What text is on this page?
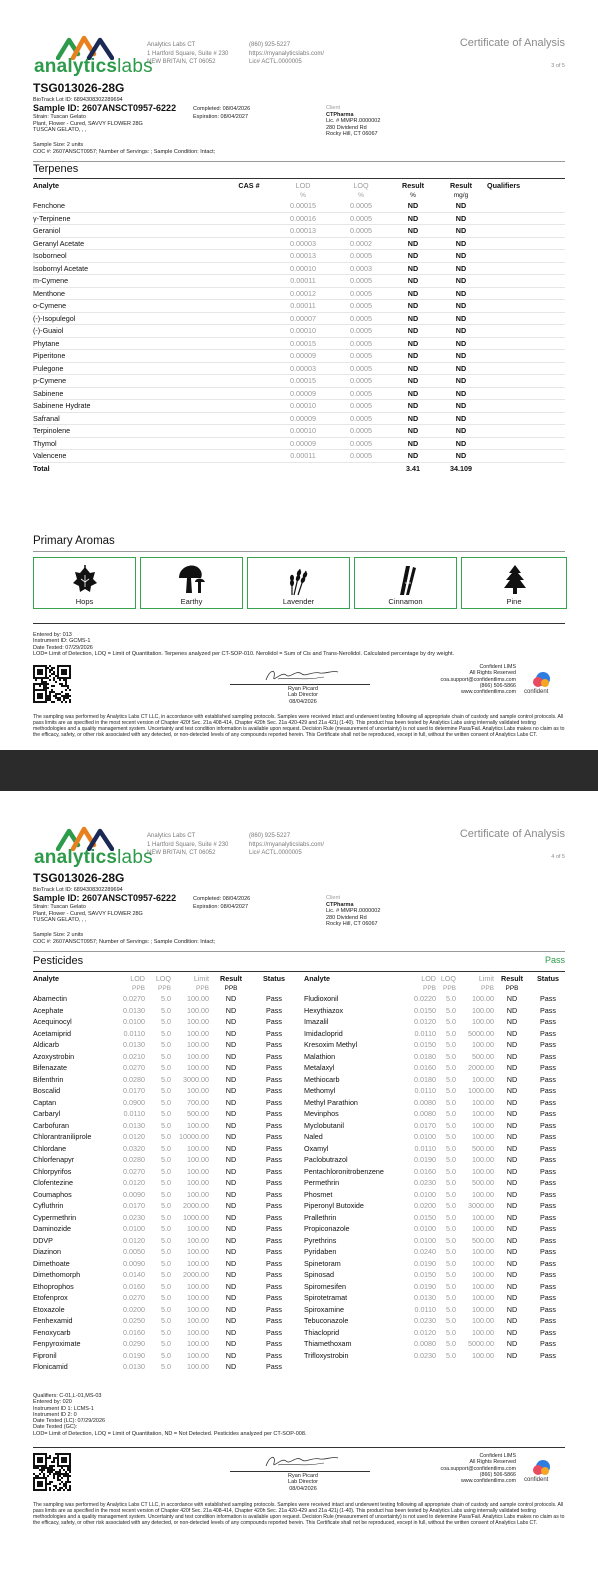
analyticslabs
Analytics Labs CT
1 Hartford Square, Suite # 230
NEW BRITAIN, CT 06052
(860) 925-5227
https://myanalyticslabs.com/
Lic# ACTL.0000005
Certificate of Analysis
3 of 5
TSG013026-28G
BioTrack Lot ID: 6894308302289694
Sample ID: 2607ANSCT0957-6222
Strain: Tuscan Gelato
Plant, Flower - Cured, SAVVY FLOWER 28G
TUSCAN GELATO, , ,
Completed: 08/04/2026
Expiration: 08/04/2027
Client
CTPharma
Lic. # MMPR.0000002
280 Dividend Rd
Rocky Hill, CT 06067
Sample Size: 2 units
COC #: 2607ANSCT0957; Number of Servings: ; Sample Condition: Intact;
Terpenes
Analyte	CAS #	LOD	LOQ	Result	Result	Qualifiers
		%	%	%	mg/g	
Fenchone		0.00015	0.0005	ND	ND	
γ-Terpinene		0.00016	0.0005	ND	ND	
Geraniol		0.00013	0.0005	ND	ND	
Geranyl Acetate		0.00003	0.0002	ND	ND	
Isoborneol		0.00013	0.0005	ND	ND	
Isobornyl Acetate		0.00010	0.0003	ND	ND	
m-Cymene		0.00011	0.0005	ND	ND	
Menthone		0.00012	0.0005	ND	ND	
o-Cymene		0.00011	0.0005	ND	ND	
(-)-Isopulegol		0.00007	0.0005	ND	ND	
(-)-Guaiol		0.00010	0.0005	ND	ND	
Phytane		0.00015	0.0005	ND	ND	
Piperitone		0.00009	0.0005	ND	ND	
Pulegone		0.00003	0.0005	ND	ND	
p-Cymene		0.00015	0.0005	ND	ND	
Sabinene		0.00009	0.0005	ND	ND	
Sabinene Hydrate		0.00010	0.0005	ND	ND	
Safranal		0.00009	0.0005	ND	ND	
Terpinolene		0.00010	0.0005	ND	ND	
Thymol		0.00009	0.0005	ND	ND	
Valencene		0.00011	0.0005	ND	ND	
Total				3.41	34.109	
Primary Aromas
Hops	Earthy	Lavender	Cinnamon	Pine
Entered by: 013
Instrument ID: GCMS-1
Date Tested: 07/29/2026
LOD= Limit of Detection, LOQ = Limit of Quantitation. Terpenes analyzed per CT-SOP-010. Nerolidol = Sum of Cis and Trans-Nerolidol. Calculated percentage by dry weight.
Ryan Picard
Lab Director
08/04/2026
Confident LIMS
All Rights Reserved
coa.support@confidentlims.com
(866) 506-5866
www.confidentlims.com confident
The sampling was performed by Analytics Labs CT LLC, in accordance with established sampling protocols. Samples were received intact and underwent testing following all appropriate chain of custody and sample control protocols. All pass limits are as specified in the most recent version of Chapter 420f Sec. 21a 408-414, Chapter 420h Sec. 21a 420-429 and 21a 421j (1-40). This product has been tested by Analytics Labs using internally validated testing methodologies and a quality management system. Uncertainty and test condition information is available upon request. Decision Rule (measurement of uncertainty) is not used to determine Pass/Fail. Analytics Labs makes no claim as to the efficacy, safety, or other risk associated with any detected, or non-detected levels of any compounds reported herein. This Certificate shall not be reproduced, except in full, without the written consent of Analytics Labs CT.
analyticslabs
Analytics Labs CT
1 Hartford Square, Suite # 230
NEW BRITAIN, CT 06052
(860) 925-5227
https://myanalyticslabs.com/
Lic# ACTL.0000005
Certificate of Analysis
4 of 5
TSG013026-28G
BioTrack Lot ID: 6894308302289694
Sample ID: 2607ANSCT0957-6222
Strain: Tuscan Gelato
Plant, Flower - Cured, SAVVY FLOWER 28G
TUSCAN GELATO, , ,
Completed: 08/04/2026
Expiration: 08/04/2027
Client
CTPharma
Lic. # MMPR.0000002
280 Dividend Rd
Rocky Hill, CT 06067
Sample Size: 2 units
COC #: 2607ANSCT0957; Number of Servings: ; Sample Condition: Intact;
Pesticides	Pass
Analyte	LOD	LOQ	Limit	Result	Status
	PPB	PPB	PPB	PPB	
Abamectin	0.0270	5.0	100.00	ND	Pass
Acephate	0.0130	5.0	100.00	ND	Pass
Acequinocyl	0.0100	5.0	100.00	ND	Pass
Acetamiprid	0.0110	5.0	100.00	ND	Pass
Aldicarb	0.0130	5.0	100.00	ND	Pass
Azoxystrobin	0.0210	5.0	100.00	ND	Pass
Bifenazate	0.0270	5.0	100.00	ND	Pass
Bifenthrin	0.0280	5.0	3000.00	ND	Pass
Boscalid	0.0170	5.0	100.00	ND	Pass
Captan	0.0900	5.0	700.00	ND	Pass
Carbaryl	0.0110	5.0	500.00	ND	Pass
Carbofuran	0.0130	5.0	100.00	ND	Pass
Chlorantraniliprole	0.0120	5.0	10000.00	ND	Pass
Chlordane	0.0320	5.0	100.00	ND	Pass
Chlorfenapyr	0.0280	5.0	100.00	ND	Pass
Chlorpyrifos	0.0270	5.0	100.00	ND	Pass
Clofentezine	0.0120	5.0	100.00	ND	Pass
Coumaphos	0.0090	5.0	100.00	ND	Pass
Cyfluthrin	0.0170	5.0	2000.00	ND	Pass
Cypermethrin	0.0230	5.0	1000.00	ND	Pass
Daminozide	0.0100	5.0	100.00	ND	Pass
DDVP	0.0120	5.0	100.00	ND	Pass
Diazinon	0.0050	5.0	100.00	ND	Pass
Dimethoate	0.0090	5.0	100.00	ND	Pass
Dimethomorph	0.0140	5.0	2000.00	ND	Pass
Ethoprophos	0.0160	5.0	100.00	ND	Pass
Etofenprox	0.0270	5.0	100.00	ND	Pass
Etoxazole	0.0200	5.0	100.00	ND	Pass
Fenhexamid	0.0250	5.0	100.00	ND	Pass
Fenoxycarb	0.0160	5.0	100.00	ND	Pass
Fenpyroximate	0.0290	5.0	100.00	ND	Pass
Fipronil	0.0190	5.0	100.00	ND	Pass
Flonicamid	0.0130	5.0	100.00	ND	Pass
Analyte	LOD	LOQ	Limit	Result	Status
	PPB	PPB	PPB	PPB	
Fludioxonil	0.0220	5.0	100.00	ND	Pass
Hexythiazox	0.0150	5.0	100.00	ND	Pass
Imazalil	0.0120	5.0	100.00	ND	Pass
Imidacloprid	0.0110	5.0	5000.00	ND	Pass
Kresoxim Methyl	0.0150	5.0	100.00	ND	Pass
Malathion	0.0180	5.0	500.00	ND	Pass
Metalaxyl	0.0160	5.0	2000.00	ND	Pass
Methiocarb	0.0180	5.0	100.00	ND	Pass
Methomyl	0.0110	5.0	1000.00	ND	Pass
Methyl Parathion	0.0080	5.0	100.00	ND	Pass
Mevinphos	0.0080	5.0	100.00	ND	Pass
Myclobutanil	0.0170	5.0	100.00	ND	Pass
Naled	0.0100	5.0	100.00	ND	Pass
Oxamyl	0.0110	5.0	500.00	ND	Pass
Paclobutrazol	0.0190	5.0	100.00	ND	Pass
Pentachloronitrobenzene	0.0160	5.0	100.00	ND	Pass
Permethrin	0.0230	5.0	500.00	ND	Pass
Phosmet	0.0100	5.0	100.00	ND	Pass
Piperonyl Butoxide	0.0200	5.0	3000.00	ND	Pass
Prallethrin	0.0150	5.0	100.00	ND	Pass
Propiconazole	0.0100	5.0	100.00	ND	Pass
Pyrethrins	0.0100	5.0	500.00	ND	Pass
Pyridaben	0.0240	5.0	100.00	ND	Pass
Spinetoram	0.0190	5.0	100.00	ND	Pass
Spinosad	0.0150	5.0	100.00	ND	Pass
Spiromesifen	0.0190	5.0	100.00	ND	Pass
Spirotetramat	0.0130	5.0	100.00	ND	Pass
Spiroxamine	0.0110	5.0	100.00	ND	Pass
Tebuconazole	0.0230	5.0	100.00	ND	Pass
Thiacloprid	0.0120	5.0	100.00	ND	Pass
Thiamethoxam	0.0080	5.0	5000.00	ND	Pass
Trifloxystrobin	0.0230	5.0	100.00	ND	Pass
Qualifiers: C-01,L-01,MS-03
Entered by: 020
Instrument ID 1: LCMS-1
Instrument ID 2: 0
Date Tested (LC): 07/29/2026
Date Tested (GC):
LOD= Limit of Detection, LOQ = Limit of Quantitation, ND = Not Detected. Pesticides analyzed per CT-SOP-008.
Ryan Picard
Lab Director
08/04/2026
Confident LIMS
All Rights Reserved
coa.support@confidentlims.com
(866) 506-5866
www.confidentlims.com confident
The sampling was performed by Analytics Labs CT LLC, in accordance with established sampling protocols. Samples were received intact and underwent testing following all appropriate chain of custody and sample control protocols. All pass limits are as specified in the most recent version of Chapter 420f Sec. 21a 408-414, Chapter 420h Sec. 21a 420-429 and 21a 421j (1-40). This product has been tested by Analytics Labs using internally validated testing methodologies and a quality management system. Uncertainty and test condition information is available upon request. Decision Rule (measurement of uncertainty) is not used to determine Pass/Fail. Analytics Labs makes no claim as to the efficacy, safety, or other risk associated with any detected, or non-detected levels of any compounds reported herein. This Certificate shall not be reproduced, except in full, without the written consent of Analytics Labs CT.
